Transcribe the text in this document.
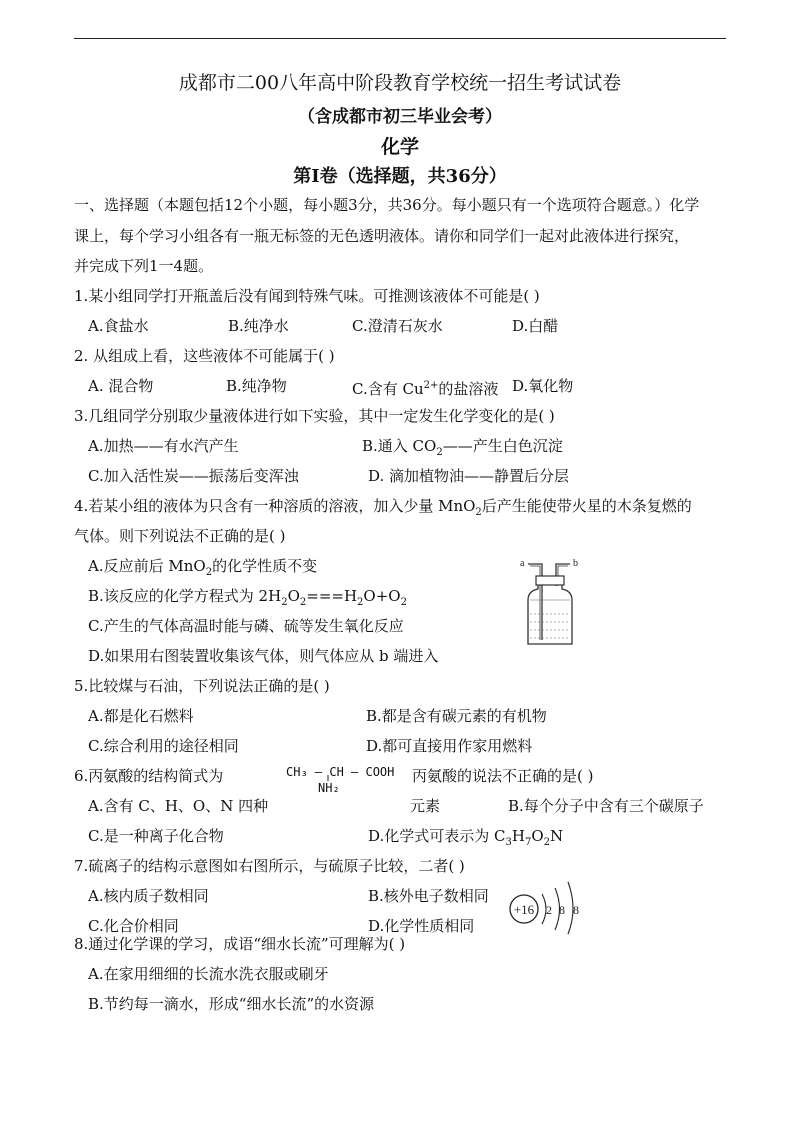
成都市二00八年高中阶段教育学校统一招生考试试卷
（含成都市初三毕业会考）
化学
第Ⅰ卷（选择题，共36分）
一、选择题（本题包括12个小题，每小题3分，共36分。每小题只有一个选项符合题意。）化学
课上，每个学习小组各有一瓶无标签的无色透明液体。请你和同学们一起对此液体进行探究，
并完成下列1一4题。
1.某小组同学打开瓶盖后没有闻到特殊气味。可推测该液体不可能是( )
A.食盐水	B.纯净水	C.澄清石灰水	D.白醋
2. 从组成上看，这些液体不可能属于( )
A. 混合物	B.纯净物	C.含有 $Cu^{2+}$的盐溶液 D.氧化物
3.几组同学分别取少量液体进行如下实验，其中一定发生化学变化的是( )
A.加热——有水汽产生	B.通入 $CO_2——$产生白色沉淀
C.加入活性炭——振荡后变浑浊	D. 滴加植物油——静置后分层
4.若某小组的液体为只含有一种溶质的溶液，加入少量 MnO$_2$后产生能使带火星的木条复燃的
气体。则下列说法不正确的是( )
A.反应前后 MnO$_2$的化学性质不变
B.该反应的化学方程式为 $2H_2O_2===H_2O+O_2$
C.产生的气体高温时能与磷、硫等发生氧化反应
D.如果用右图装置收集该气体，则气体应从 b 端进入
a	b
5.比较煤与石油，下列说法正确的是( )
A.都是化石燃料	B.都是含有碳元素的有机物
C.综合利用的途径相同	D.都可直接用作家用燃料
6.丙氨酸的结构简式为	CH₃ – CH – COOH
NH₂
丙氨酸的说法不正确的是( )
A.含有 C、H、O、N 四种	元素	B.每个分子中含有三个碳原子
C.是一种离子化合物	D.化学式可表示为 $C_3H_7O_2N$
7.硫离子的结构示意图如右图所示，与硫原子比较，二者( )
A.核内质子数相同	B.核外电子数相同
C.化合价相同	D.化学性质相同
+16 2 8 8
8.通过化学课的学习，成语“细水长流”可理解为( )
A.在家用细细的长流水洗衣服或刷牙
B.节约每一滴水，形成“细水长流”的水资源
